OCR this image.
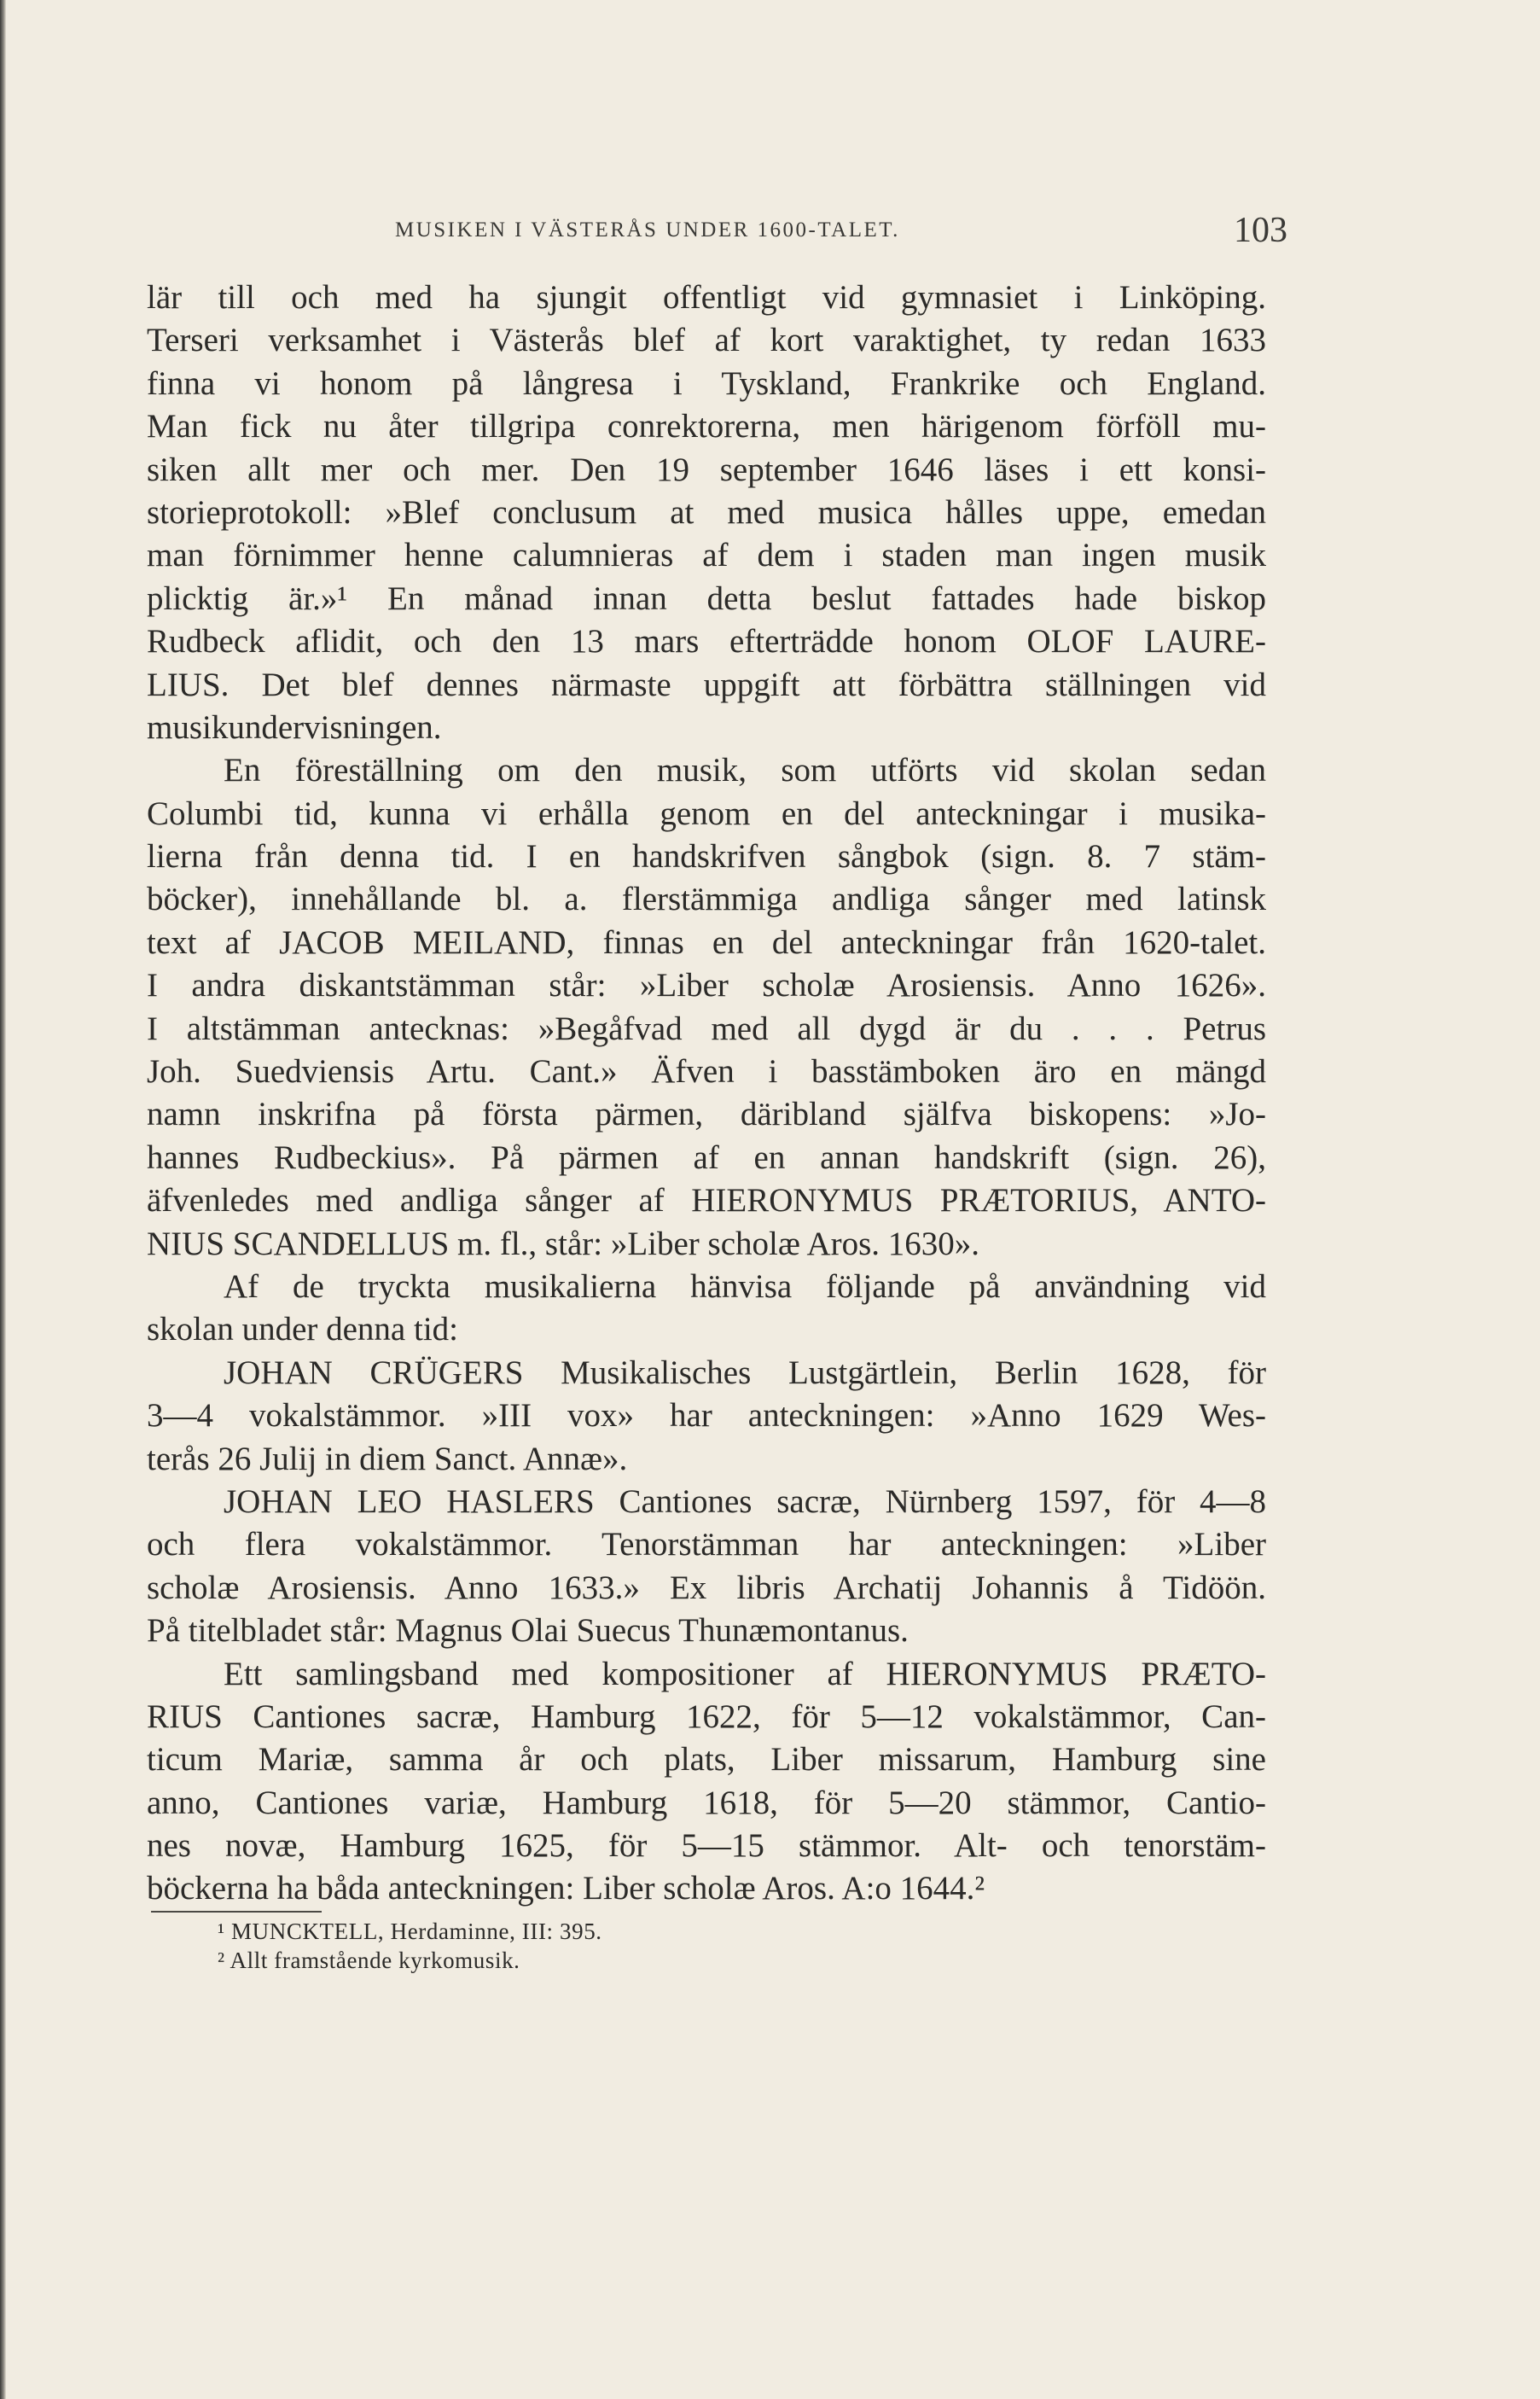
MUSIKEN I VÄSTERÅS UNDER 1600-TALET.	103
lär till och med ha sjungit offentligt vid gymnasiet i Linköping.
Terseri verksamhet i Västerås blef af kort varaktighet, ty redan 1633
finna vi honom på långresa i Tyskland, Frankrike och England.
Man fick nu åter tillgripa conrektorerna, men härigenom förföll mu-
siken allt mer och mer. Den 19 september 1646 läses i ett konsi-
storieprotokoll: »Blef conclusum at med musica hålles uppe, emedan
man förnimmer henne calumnieras af dem i staden man ingen musik
plicktig är.»¹ En månad innan detta beslut fattades hade biskop
Rudbeck aflidit, och den 13 mars efterträdde honom OLOF LAURE-
LIUS. Det blef dennes närmaste uppgift att förbättra ställningen vid
musikundervisningen.
En föreställning om den musik, som utförts vid skolan sedan
Columbi tid, kunna vi erhålla genom en del anteckningar i musika-
lierna från denna tid. I en handskrifven sångbok (sign. 8. 7 stäm-
böcker), innehållande bl. a. flerstämmiga andliga sånger med latinsk
text af JACOB MEILAND, finnas en del anteckningar från 1620-talet.
I andra diskantstämman står: »Liber scholæ Arosiensis. Anno 1626».
I altstämman antecknas: »Begåfvad med all dygd är du . . . Petrus
Joh. Suedviensis Artu. Cant.» Äfven i basstämboken äro en mängd
namn inskrifna på första pärmen, däribland själfva biskopens: »Jo-
hannes Rudbeckius». På pärmen af en annan handskrift (sign. 26),
äfvenledes med andliga sånger af HIERONYMUS PRÆTORIUS, ANTO-
NIUS SCANDELLUS m. fl., står: »Liber scholæ Aros. 1630».
Af de tryckta musikalierna hänvisa följande på användning vid
skolan under denna tid:
JOHAN CRÜGERS Musikalisches Lustgärtlein, Berlin 1628, för
3—4 vokalstämmor. »III vox» har anteckningen: »Anno 1629 Wes-
terås 26 Julij in diem Sanct. Annæ».
JOHAN LEO HASLERS Cantiones sacræ, Nürnberg 1597, för 4—8
och flera vokalstämmor. Tenorstämman har anteckningen: »Liber
scholæ Arosiensis. Anno 1633.» Ex libris Archatij Johannis å Tidöön.
På titelbladet står: Magnus Olai Suecus Thunæmontanus.
Ett samlingsband med kompositioner af HIERONYMUS PRÆTO-
RIUS Cantiones sacræ, Hamburg 1622, för 5—12 vokalstämmor, Can-
ticum Mariæ, samma år och plats, Liber missarum, Hamburg sine
anno, Cantiones variæ, Hamburg 1618, för 5—20 stämmor, Cantio-
nes novæ, Hamburg 1625, för 5—15 stämmor. Alt- och tenorstäm-
böckerna ha båda anteckningen: Liber scholæ Aros. A:o 1644.²
¹ MUNCKTELL, Herdaminne, III: 395.
² Allt framstående kyrkomusik.
